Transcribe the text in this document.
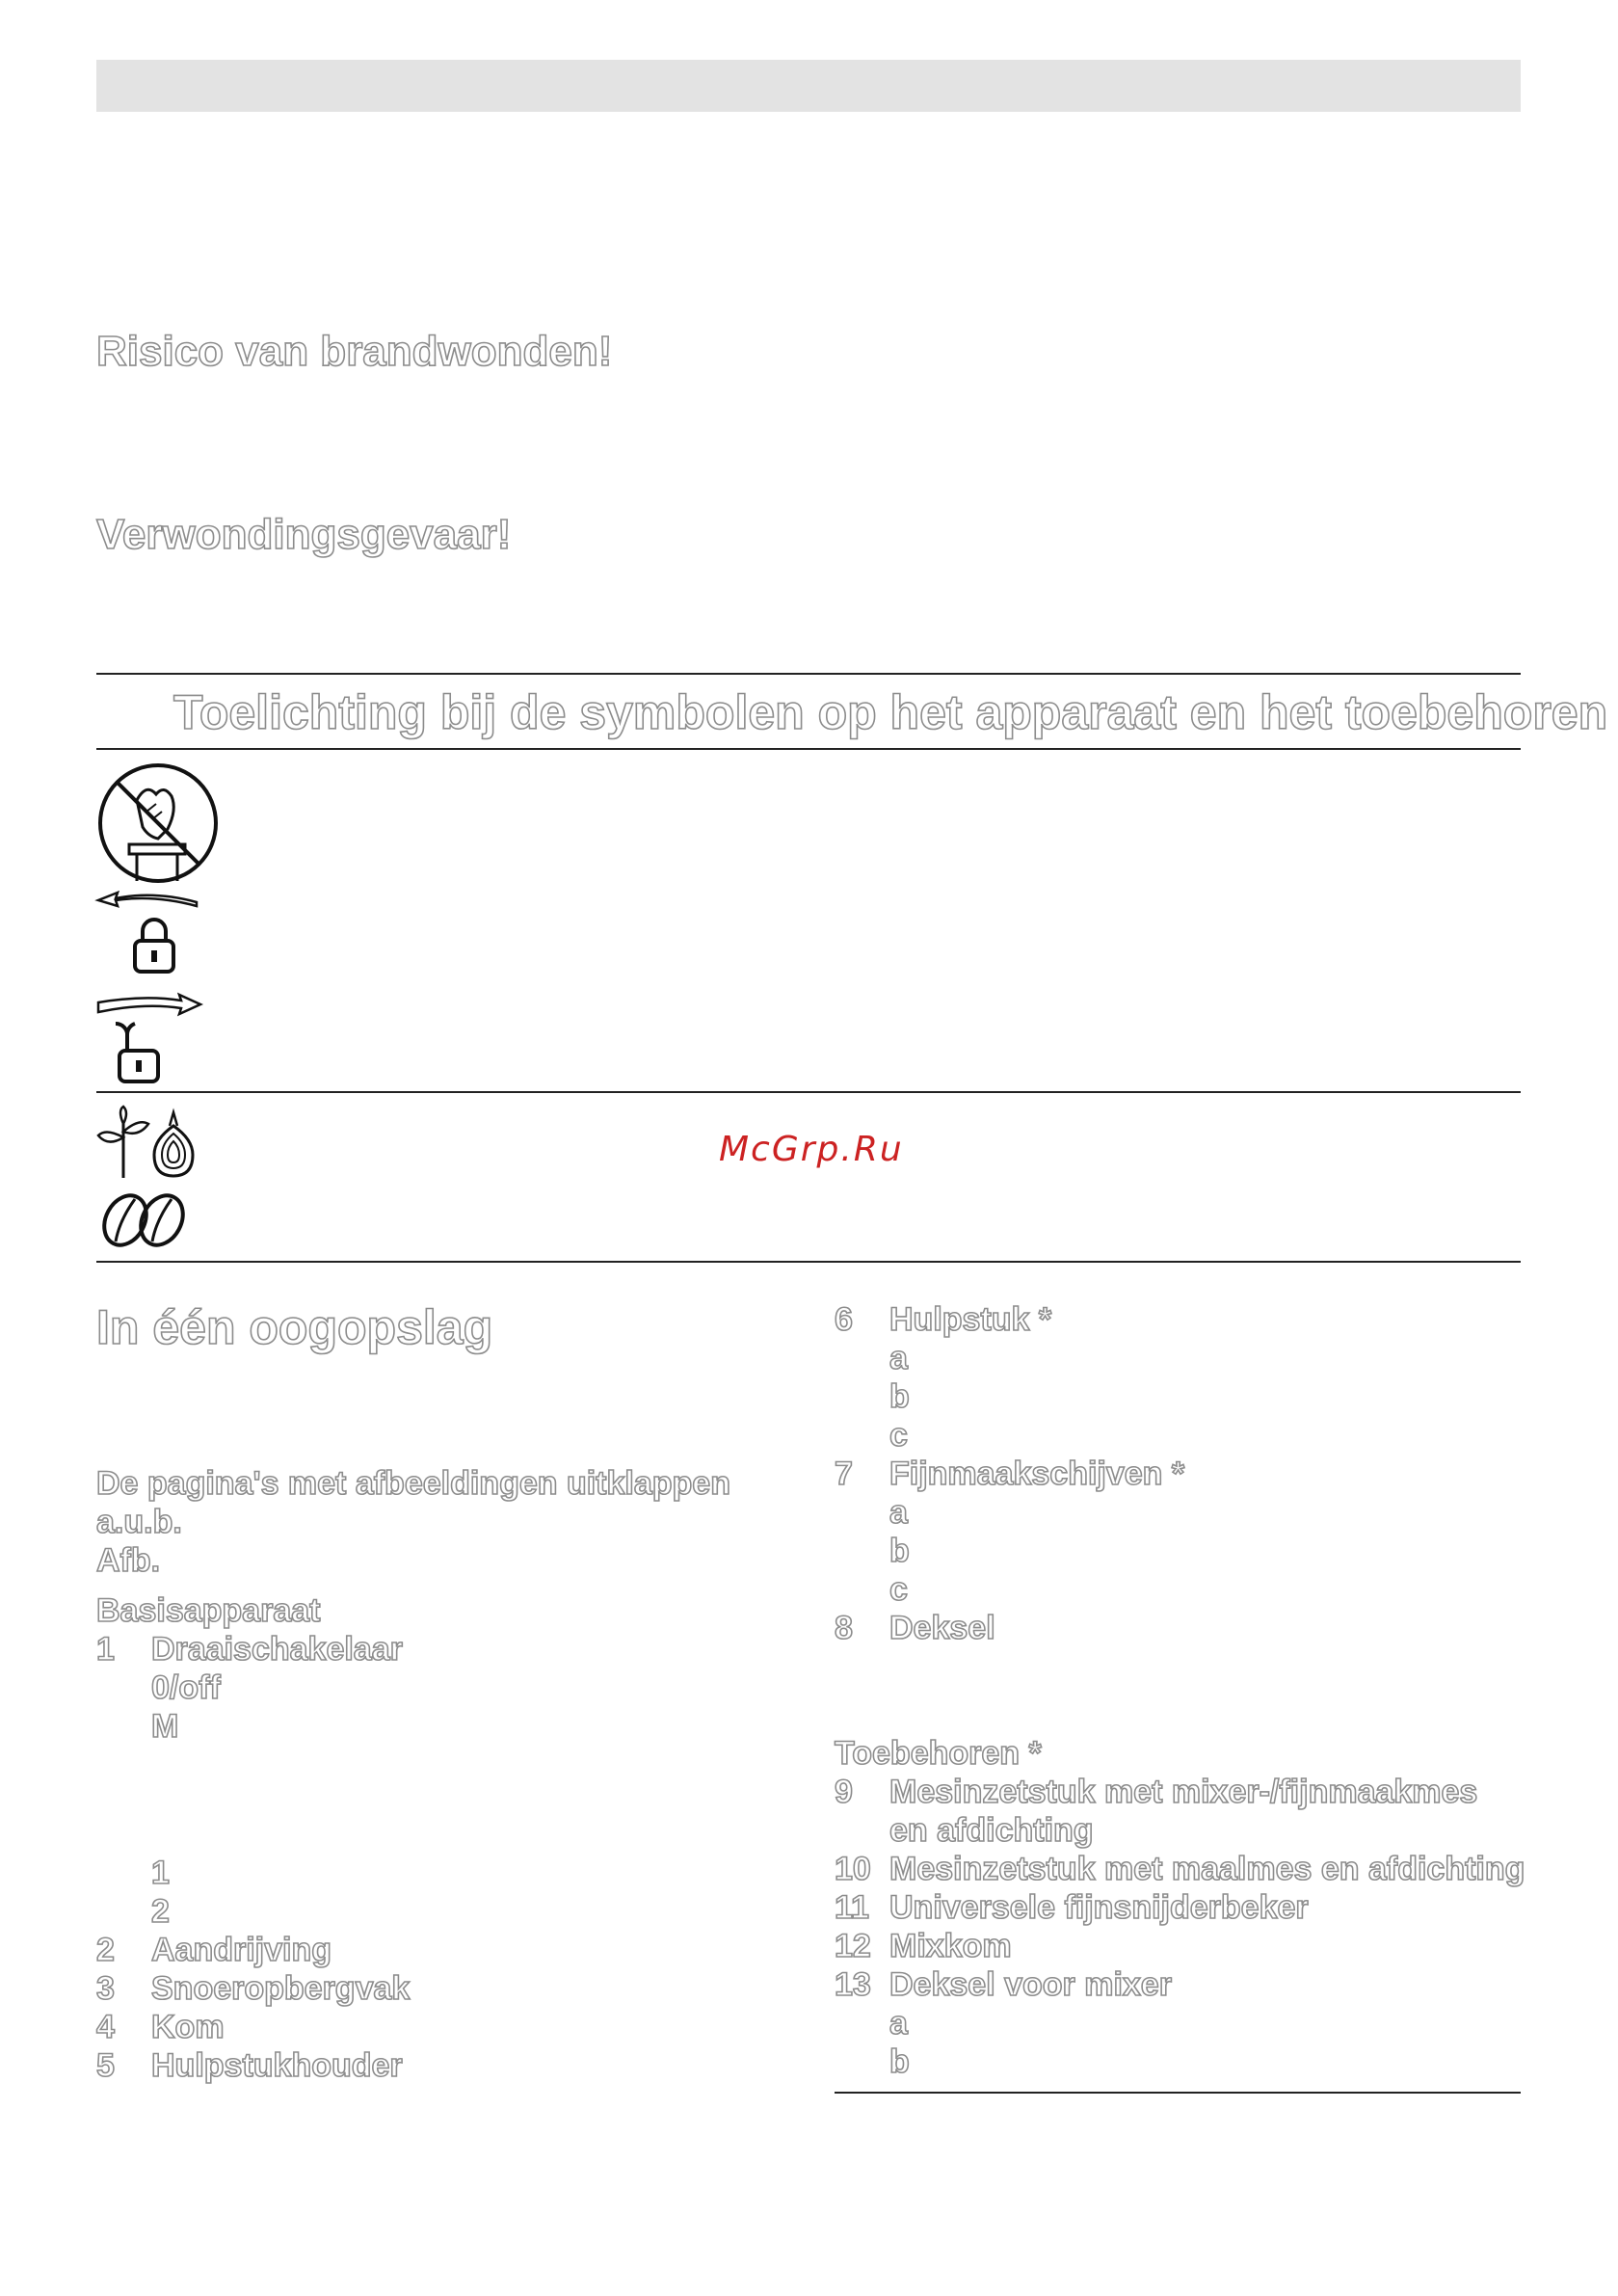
Risico van brandwonden!
Verwondingsgevaar!
Toelichting bij de symbolen op het apparaat en het toebehoren
McGrp.Ru
In één oogopslag
De pagina's met afbeeldingen uitklappen
a.u.b.
Afb.
Basisapparaat
1 Draaischakelaar
0/off
M
1
2
2 Aandrijving
3 Snoeropbergvak
4 Kom
5 Hulpstukhouder
6 Hulpstuk *
a
b
c
7 Fijnmaakschijven *
a
b
c
8 Deksel
Toebehoren *
9 Mesinzetstuk met mixer-/fijnmaakmes
en afdichting
10 Mesinzetstuk met maalmes en afdichting
11 Universele fijnsnijderbeker
12 Mixkom
13 Deksel voor mixer
a
b
